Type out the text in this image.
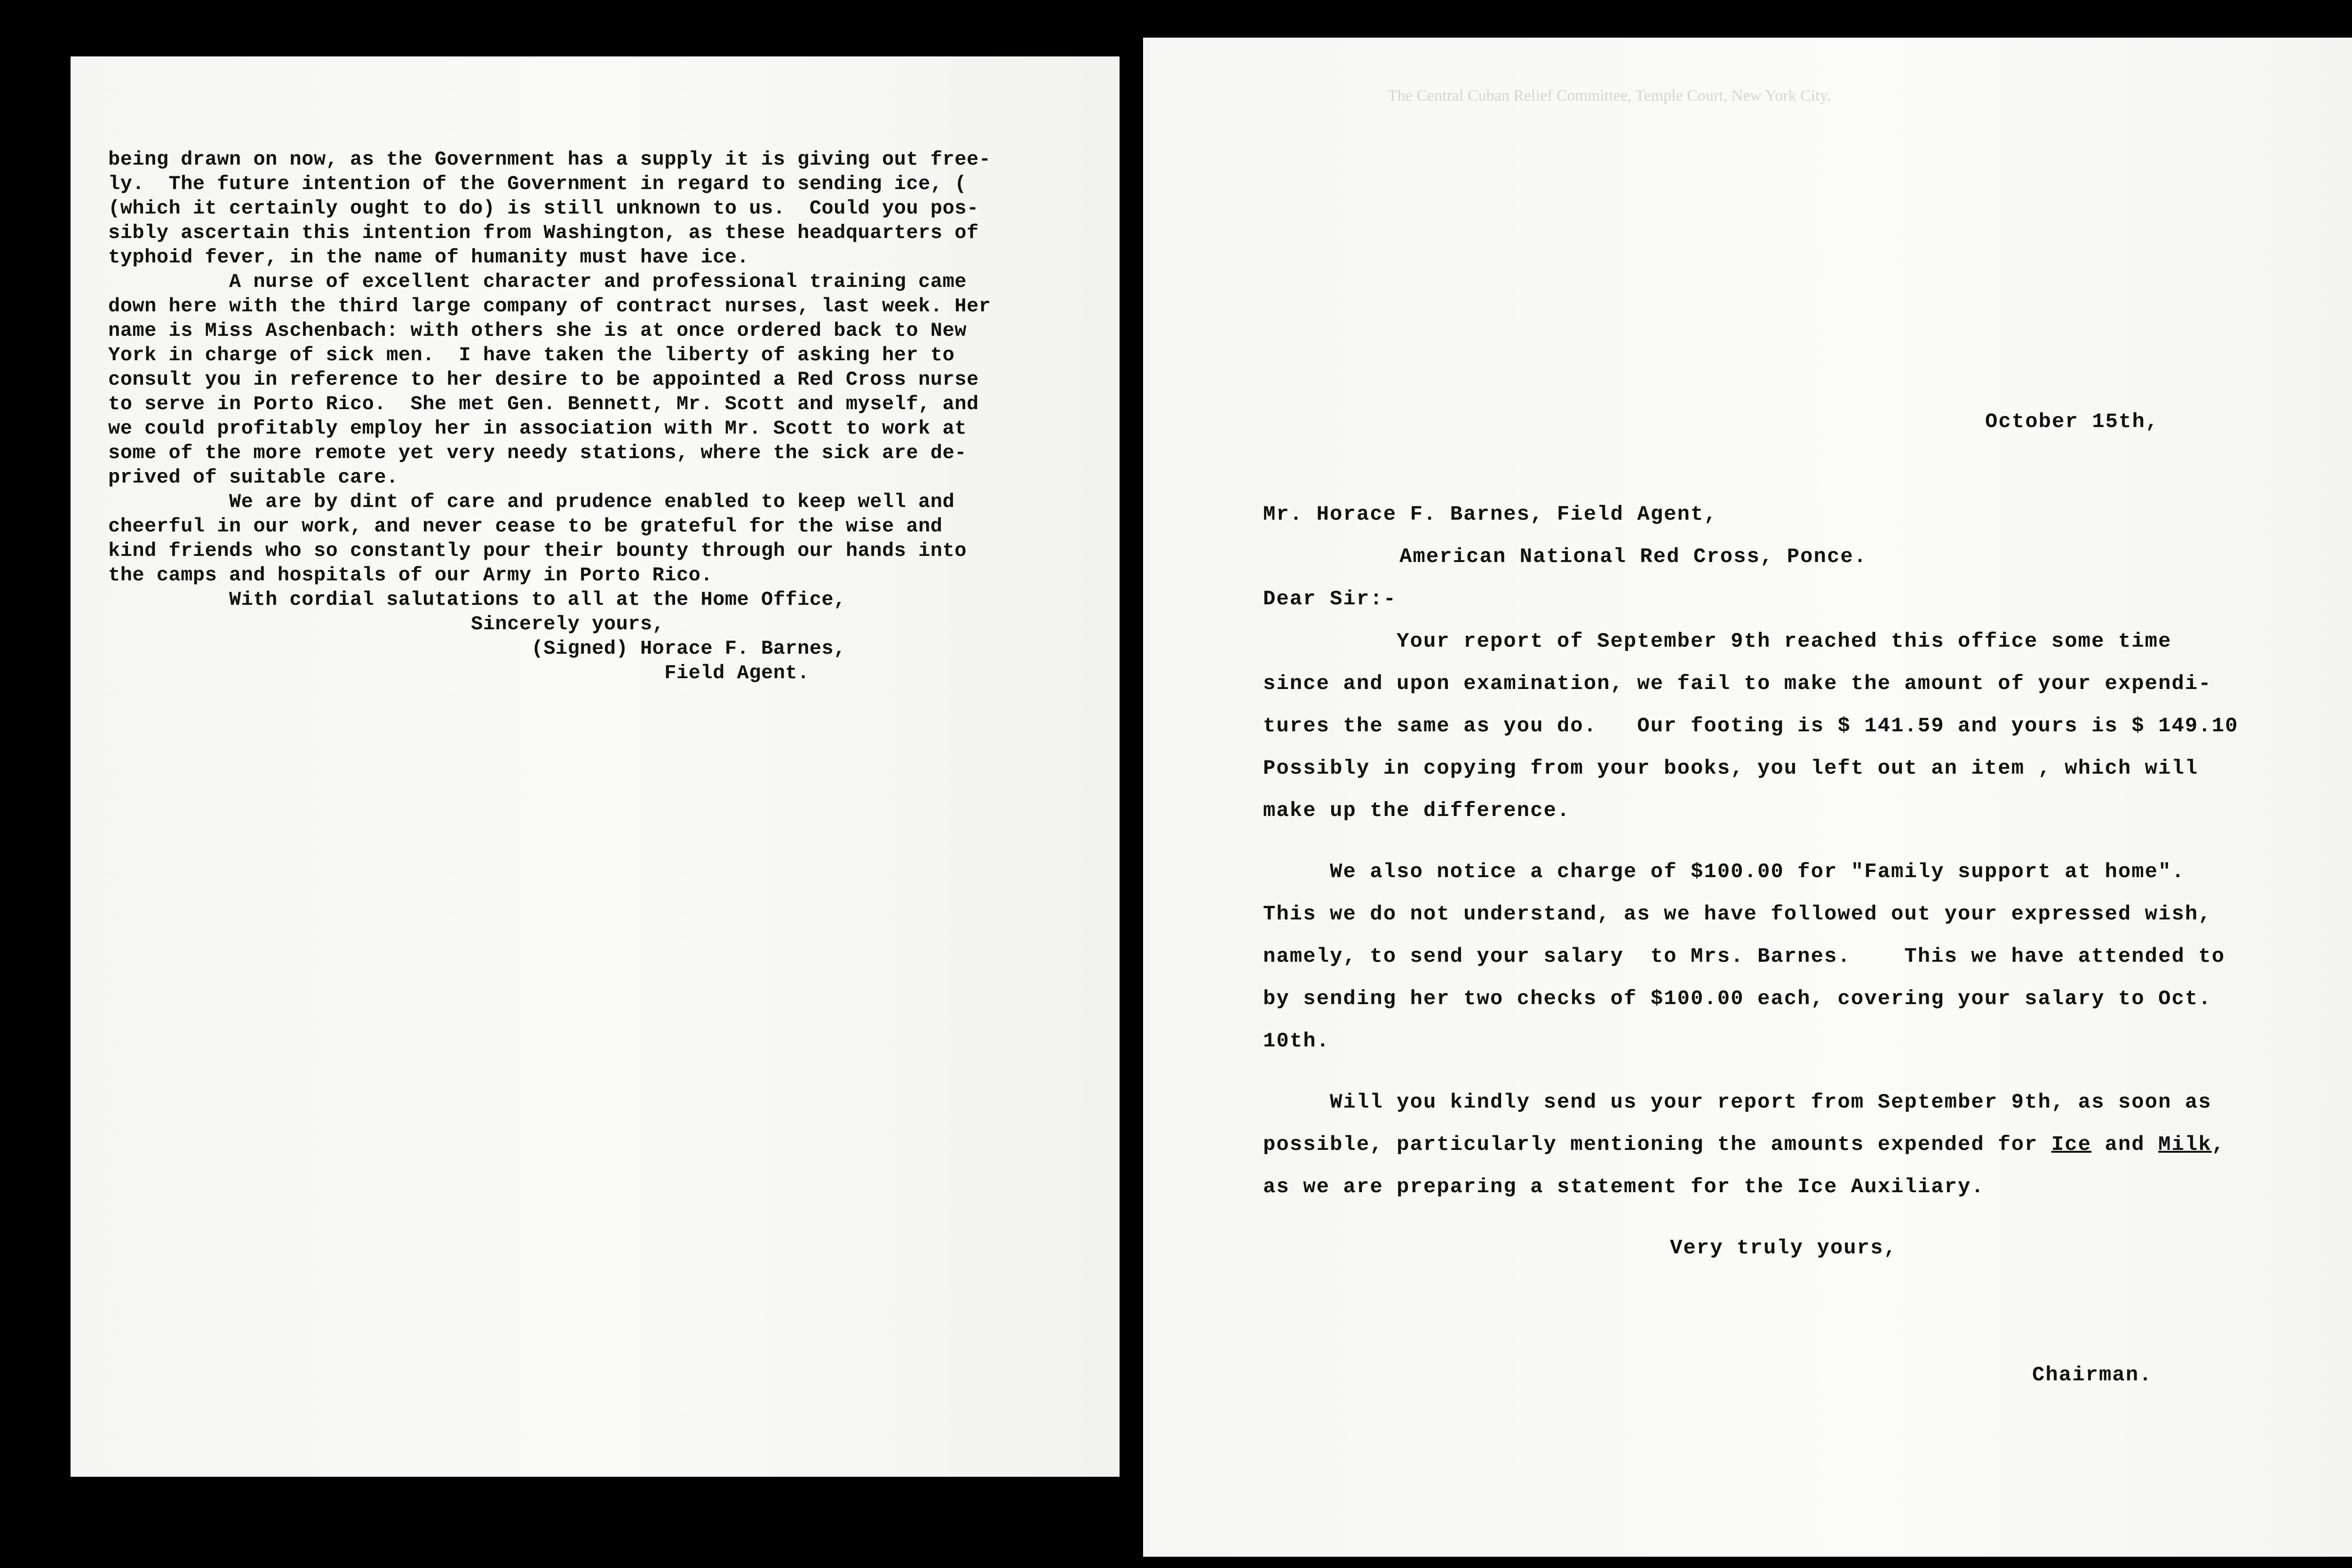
being drawn on now, as the Government has a supply it is giving out free-
ly.  The future intention of the Government in regard to sending ice, (
(which it certainly ought to do) is still unknown to us.  Could you pos-
sibly ascertain this intention from Washington, as these headquarters of
typhoid fever, in the name of humanity must have ice.
A nurse of excellent character and professional training came
down here with the third large company of contract nurses, last week. Her
name is Miss Aschenbach: with others she is at once ordered back to New
York in charge of sick men.  I have taken the liberty of asking her to
consult you in reference to her desire to be appointed a Red Cross nurse
to serve in Porto Rico.  She met Gen. Bennett, Mr. Scott and myself, and
we could profitably employ her in association with Mr. Scott to work at
some of the more remote yet very needy stations, where the sick are de-
prived of suitable care.
We are by dint of care and prudence enabled to keep well and
cheerful in our work, and never cease to be grateful for the wise and
kind friends who so constantly pour their bounty through our hands into
the camps and hospitals of our Army in Porto Rico.
With cordial salutations to all at the Home Office,
Sincerely yours,
(Signed) Horace F. Barnes,
Field Agent.
The Central Cuban Relief Committee, Temple Court, New York City.
October 15th,
Mr. Horace F. Barnes, Field Agent,
American National Red Cross, Ponce.
Dear Sir:-
Your report of September 9th reached this office some time
since and upon examination, we fail to make the amount of your expendi-
tures the same as you do.   Our footing is $ 141.59 and yours is $ 149.10
Possibly in copying from your books, you left out an item , which will
make up the difference.
We also notice a charge of $100.00 for "Family support at home".
This we do not understand, as we have followed out your expressed wish,
namely, to send your salary  to Mrs. Barnes.    This we have attended to
by sending her two checks of $100.00 each, covering your salary to Oct.
10th.
Will you kindly send us your report from September 9th, as soon as
possible, particularly mentioning the amounts expended for Ice and Milk,
as we are preparing a statement for the Ice Auxiliary.
Very truly yours,
Chairman.
